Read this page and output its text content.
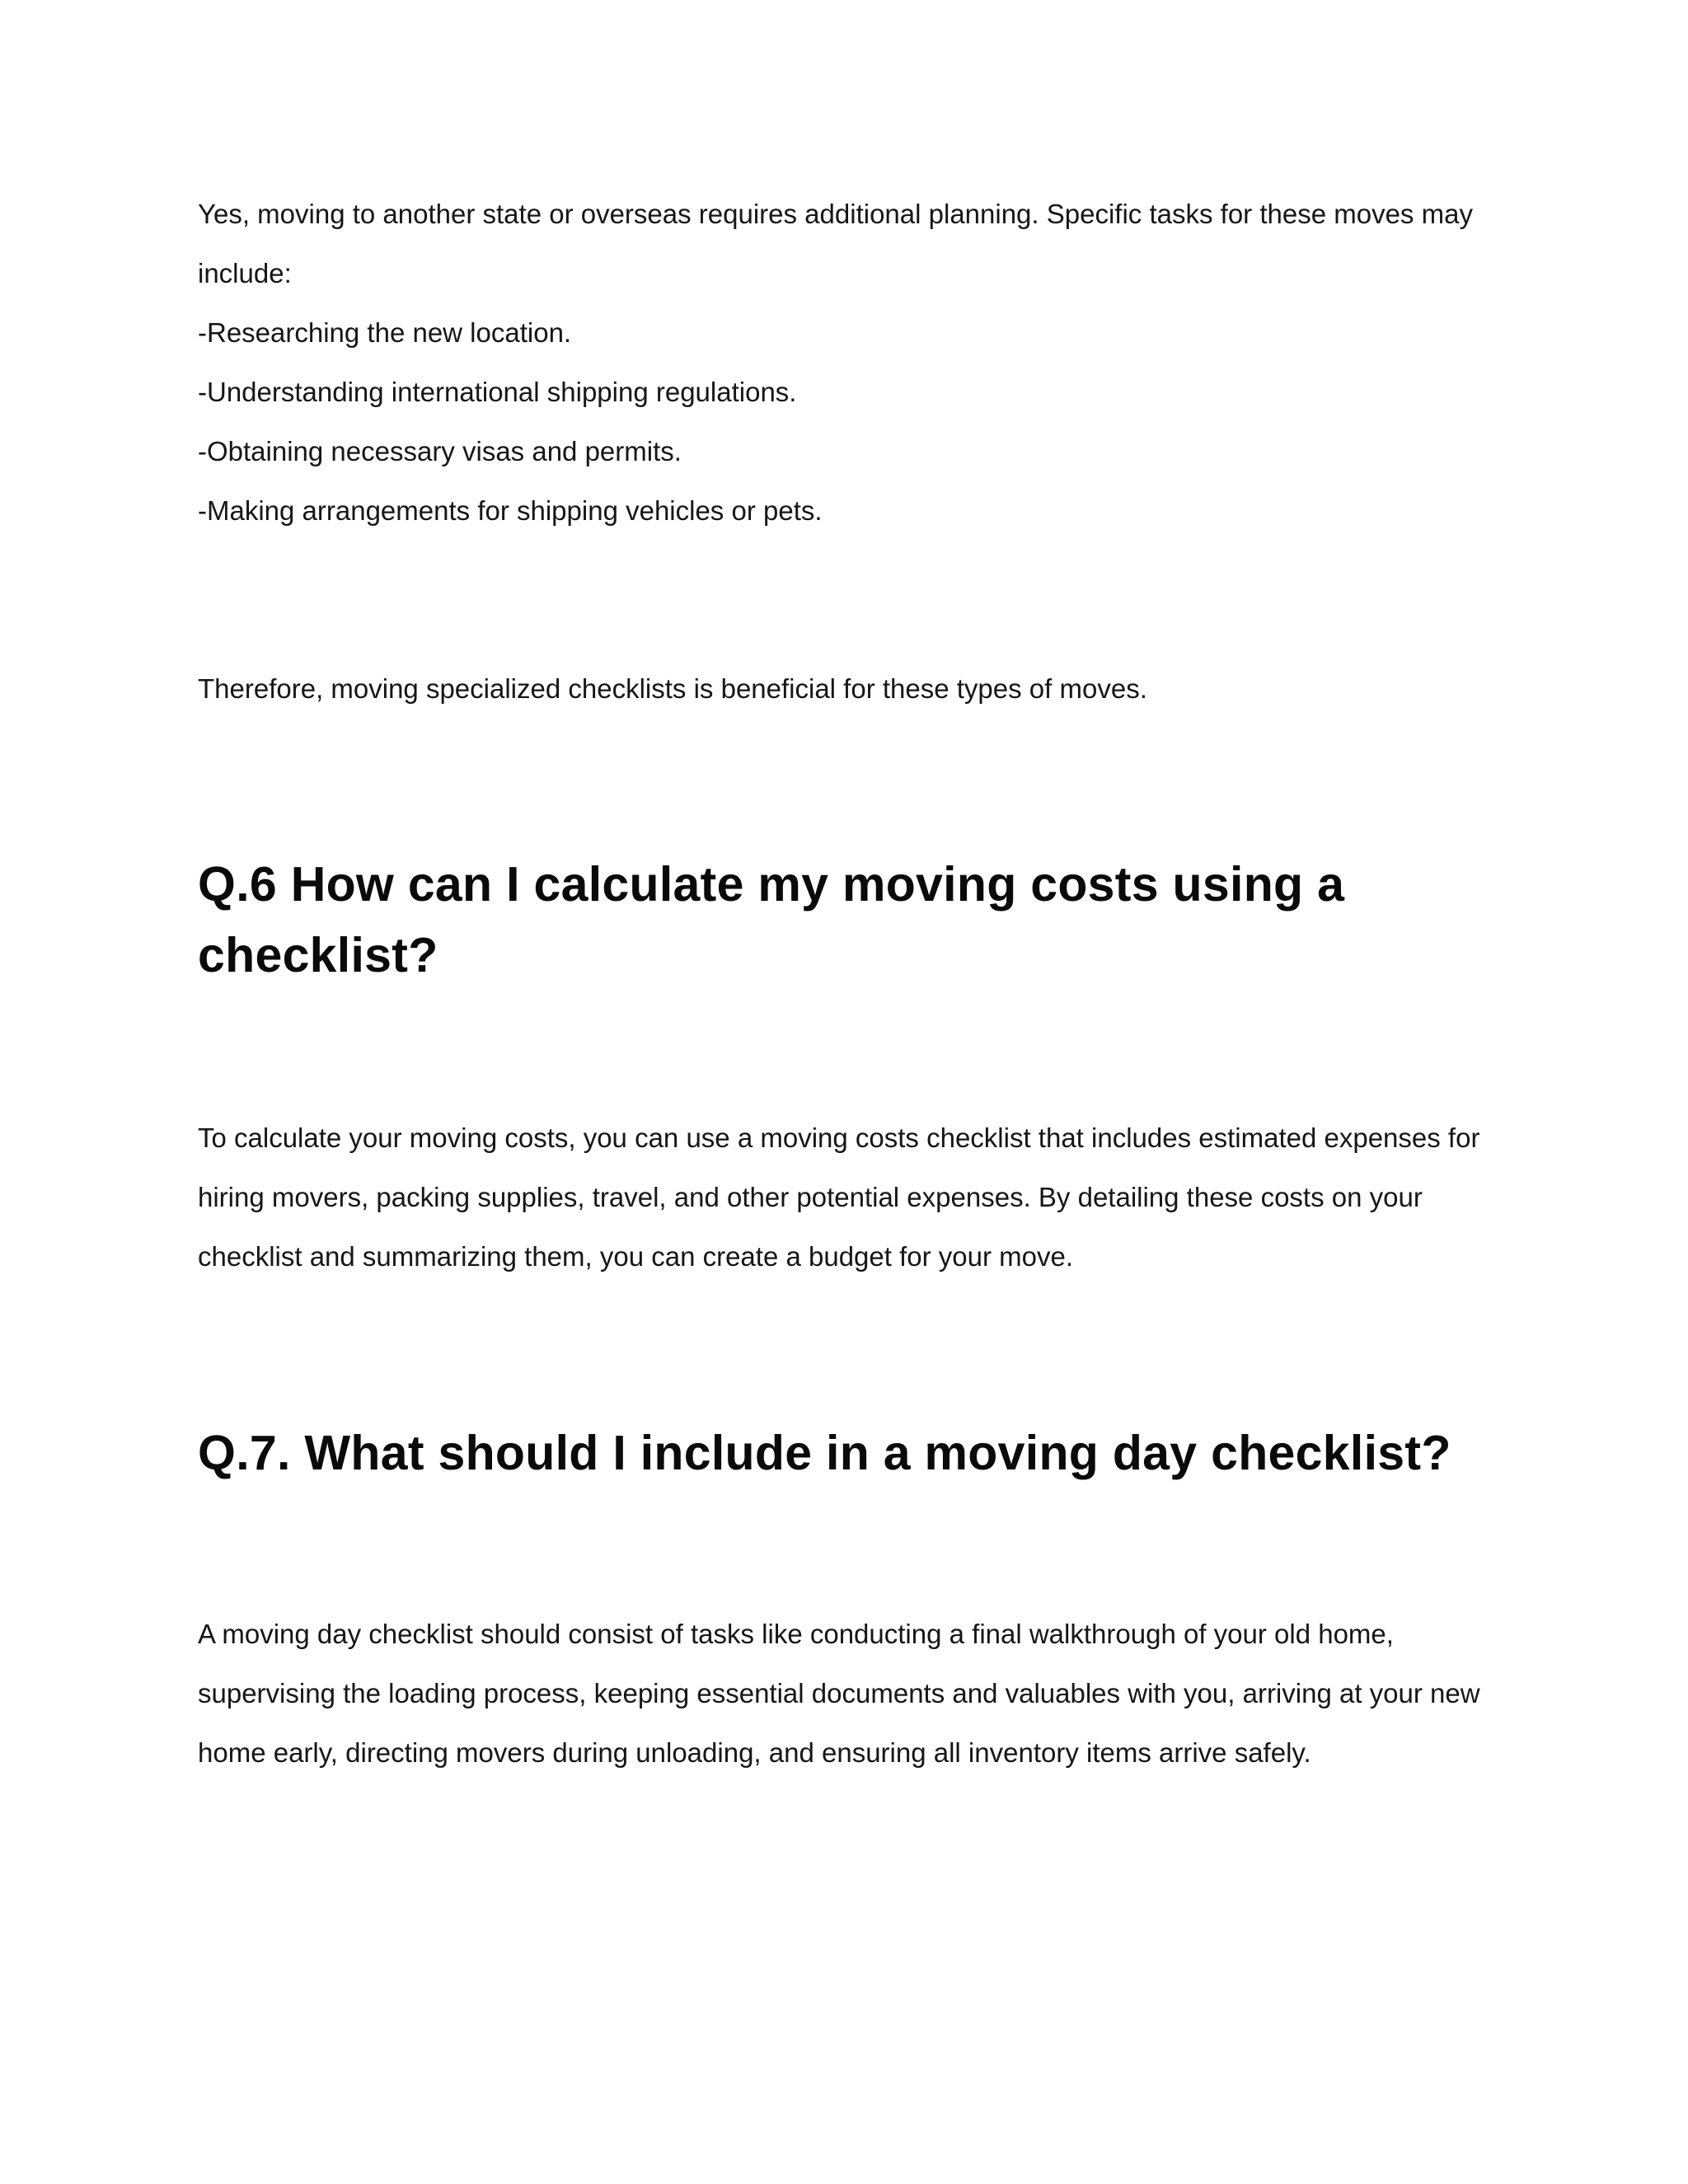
Yes, moving to another state or overseas requires additional planning. Specific tasks for these moves may include:

-Researching the new location.

-Understanding international shipping regulations.

-Obtaining necessary visas and permits.

-Making arrangements for shipping vehicles or pets.

Therefore, moving specialized checklists is beneficial for these types of moves.

Q.6 How can I calculate my moving costs using a checklist?

To calculate your moving costs, you can use a moving costs checklist that includes estimated expenses for hiring movers, packing supplies, travel, and other potential expenses. By detailing these costs on your checklist and summarizing them, you can create a budget for your move.

Q.7. What should I include in a moving day checklist?

A moving day checklist should consist of tasks like conducting a final walkthrough of your old home, supervising the loading process, keeping essential documents and valuables with you, arriving at your new home early, directing movers during unloading, and ensuring all inventory items arrive safely.
